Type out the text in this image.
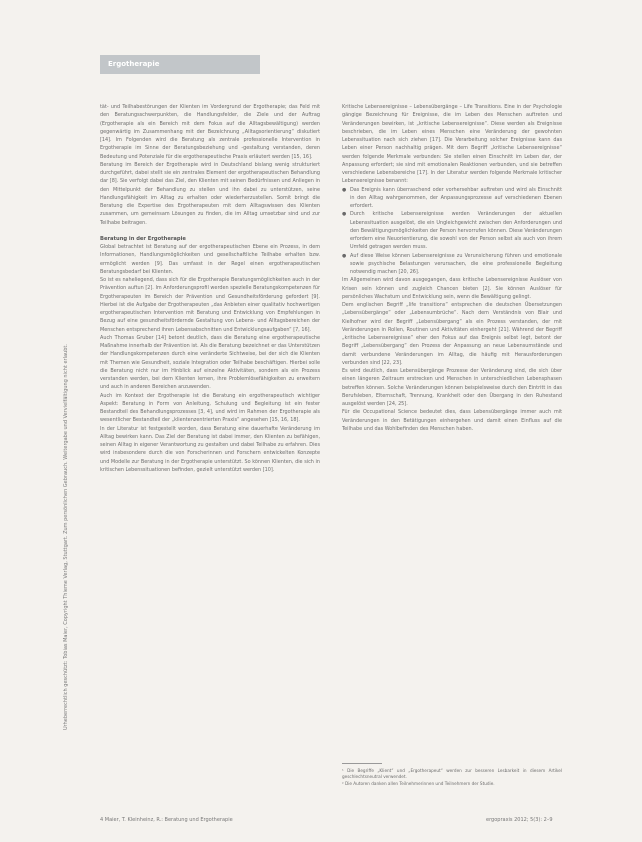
Ergotherapie
Urheberrechtlich geschützt: Tobias Maier, Copyright Thieme Verlag, Stuttgart. Zum persönlichen Gebrauch. Weitergabe und Vervielfältigung nicht erlaubt.

tät- und Teilhabestörungen der Klienten im Vordergrund der Ergotherapie; das Feld mit den Beratungsschwerpunkten, die Handlungsfelder, die Ziele und der Auftrag (Ergotherapie als ein Bereich mit dem Fokus auf die Alltagsbewältigung) werden gegenwärtig im Zusammenhang mit der Bezeichnung „Alltagsorientierung“ diskutiert [14]. Im Folgenden wird die Beratung als zentrale professionelle Intervention in Ergotherapie im Sinne der Beratungsbeziehung und -gestaltung verstanden, deren Bedeutung und Potenziale für die ergotherapeutische Praxis erläutert werden [15, 16].

Beratung im Bereich der Ergotherapie wird in Deutschland bislang wenig strukturiert durchgeführt, dabei stellt sie ein zentrales Element der ergotherapeutischen Behandlung dar [8]. Sie verfolgt dabei das Ziel, den Klienten mit seinen Bedürfnissen und Anliegen in den Mittelpunkt der Behandlung zu stellen und ihn dabei zu unterstützen, seine Handlungsfähigkeit im Alltag zu erhalten oder wiederherzustellen. Somit bringt die Beratung die Expertise des Ergotherapeuten mit dem Alltagswissen des Klienten zusammen, um gemeinsam Lösungen zu finden, die im Alltag umsetzbar sind und zur Teilhabe beitragen.

Beratung in der Ergotherapie

Global betrachtet ist Beratung auf der ergotherapeutischen Ebene ein Prozess, in dem Informationen, Handlungsmöglichkeiten und gesellschaftliche Teilhabe erhalten bzw. ermöglicht werden [9]. Das umfasst in der Regel einen ergotherapeutischen Beratungsbedarf bei Klienten.

So ist es naheliegend, dass sich für die Ergotherapie Beratungsmöglichkeiten auch in der Prävention auftun [2]. Im Anforderungsprofil werden spezielle Beratungskompetenzen für Ergotherapeuten im Bereich der Prävention und Gesundheitsförderung gefordert [9]. Hierbei ist die Aufgabe der Ergotherapeuten „das Anbieten einer qualitativ hochwertigen ergotherapeutischen Intervention mit Beratung und Entwicklung von Empfehlungen in Bezug auf eine gesundheitsfördernde Gestaltung von Lebens- und Alltagsbereichen der Menschen entsprechend ihren Lebensabschnitten und Entwicklungsaufgaben“ [7, 16].

Auch Thomas Gruber [14] betont deutlich, dass die Beratung eine ergotherapeutische Maßnahme innerhalb der Prävention ist. Als die Beratung bezeichnet er das Unterstützen der Handlungskompetenzen durch eine veränderte Sichtweise, bei der sich die Klienten mit Themen wie Gesundheit, soziale Integration oder Teilhabe beschäftigen. Hierbei solle die Beratung nicht nur im Hinblick auf einzelne Aktivitäten, sondern als ein Prozess verstanden werden, bei dem Klienten lernen, ihre Problemlösefähigkeiten zu erweitern und auch in anderen Bereichen anzuwenden.

Auch im Kontext der Ergotherapie ist die Beratung ein ergotherapeutisch wichtiger Aspekt: Beratung in Form von Anleitung, Schulung und Begleitung ist ein fester Bestandteil des Behandlungsprozesses [3, 4], und wird im Rahmen der Ergotherapie als wesentlicher Bestandteil der „klientenzentrierten Praxis“ angesehen [15, 16, 18].

In der Literatur ist festgestellt worden, dass Beratung eine dauerhafte Veränderung im Alltag bewirken kann. Das Ziel der Beratung ist dabei immer, den Klienten zu befähigen, seinen Alltag in eigener Verantwortung zu gestalten und dabei Teilhabe zu erfahren. Dies wird insbesondere durch die von Forscherinnen und Forschern entwickelten Konzepte und Modelle zur Beratung in der Ergotherapie unterstützt. So können Klienten, die sich in kritischen Lebenssituationen befinden, gezielt unterstützt werden [10].

Kritische Lebensereignisse – Lebensübergänge – Life Transitions. Eine in der Psychologie gängige Bezeichnung für Ereignisse, die im Leben des Menschen auftreten und Veränderungen bewirken, ist „kritische Lebensereignisse“. Diese werden als Ereignisse beschrieben, die im Leben eines Menschen eine Veränderung der gewohnten Lebenssituation nach sich ziehen [17]. Die Verarbeitung solcher Ereignisse kann das Leben einer Person nachhaltig prägen. Mit dem Begriff „kritische Lebensereignisse“ werden folgende Merkmale verbunden: Sie stellen einen Einschnitt im Leben dar, der Anpassung erfordert; sie sind mit emotionalen Reaktionen verbunden, und sie betreffen verschiedene Lebensbereiche [17]. In der Literatur werden folgende Merkmale kritischer Lebensereignisse benannt:

● Das Ereignis kann überraschend oder vorhersehbar auftreten und wird als Einschnitt in den Alltag wahrgenommen, der Anpassungsprozesse auf verschiedenen Ebenen erfordert.

● Durch kritische Lebensereignisse werden Veränderungen der aktuellen Lebenssituation ausgelöst, die ein Ungleichgewicht zwischen den Anforderungen und den Bewältigungsmöglichkeiten der Person hervorrufen können. Diese Veränderungen erfordern eine Neuorientierung, die sowohl von der Person selbst als auch von ihrem Umfeld getragen werden muss.

● Auf diese Weise können Lebensereignisse zu Verunsicherung führen und emotionale sowie psychische Belastungen verursachen, die eine professionelle Begleitung notwendig machen [20, 26].

Im Allgemeinen wird davon ausgegangen, dass kritische Lebensereignisse Auslöser von Krisen sein können und zugleich Chancen bieten [2]. Sie können Auslöser für persönliches Wachstum und Entwicklung sein, wenn die Bewältigung gelingt.

Dem englischen Begriff „life transitions“ entsprechen die deutschen Übersetzungen „Lebensübergänge“ oder „Lebensumbrüche“. Nach dem Verständnis von Blair und Kielhofner wird der Begriff „Lebensübergang“ als ein Prozess verstanden, der mit Veränderungen in Rollen, Routinen und Aktivitäten einhergeht [21]. Während der Begriff „kritische Lebensereignisse“ eher den Fokus auf das Ereignis selbst legt, betont der Begriff „Lebensübergang“ den Prozess der Anpassung an neue Lebensumstände und damit verbundene Veränderungen im Alltag, die häufig mit Herausforderungen verbunden sind [22, 23].

Es wird deutlich, dass Lebensübergänge Prozesse der Veränderung sind, die sich über einen längeren Zeitraum erstrecken und Menschen in unterschiedlichen Lebensphasen betreffen können. Solche Veränderungen können beispielsweise durch den Eintritt in das Berufsleben, Elternschaft, Trennung, Krankheit oder den Übergang in den Ruhestand ausgelöst werden [24, 25].

Für die Occupational Science bedeutet dies, dass Lebensübergänge immer auch mit Veränderungen in den Betätigungen einhergehen und damit einen Einfluss auf die Teilhabe und das Wohlbefinden des Menschen haben.

¹ Die Begriffe „Klient“ und „Ergotherapeut“ werden zur besseren Lesbarkeit in diesem Artikel geschlechtsneutral verwendet.

² Die Autoren danken allen Teilnehmerinnen und Teilnehmern der Studie.

4 Maier, T. Kleinheinz, R.: Beratung und Ergotherapie	ergopraxis 2012; 5(3): 2–9
